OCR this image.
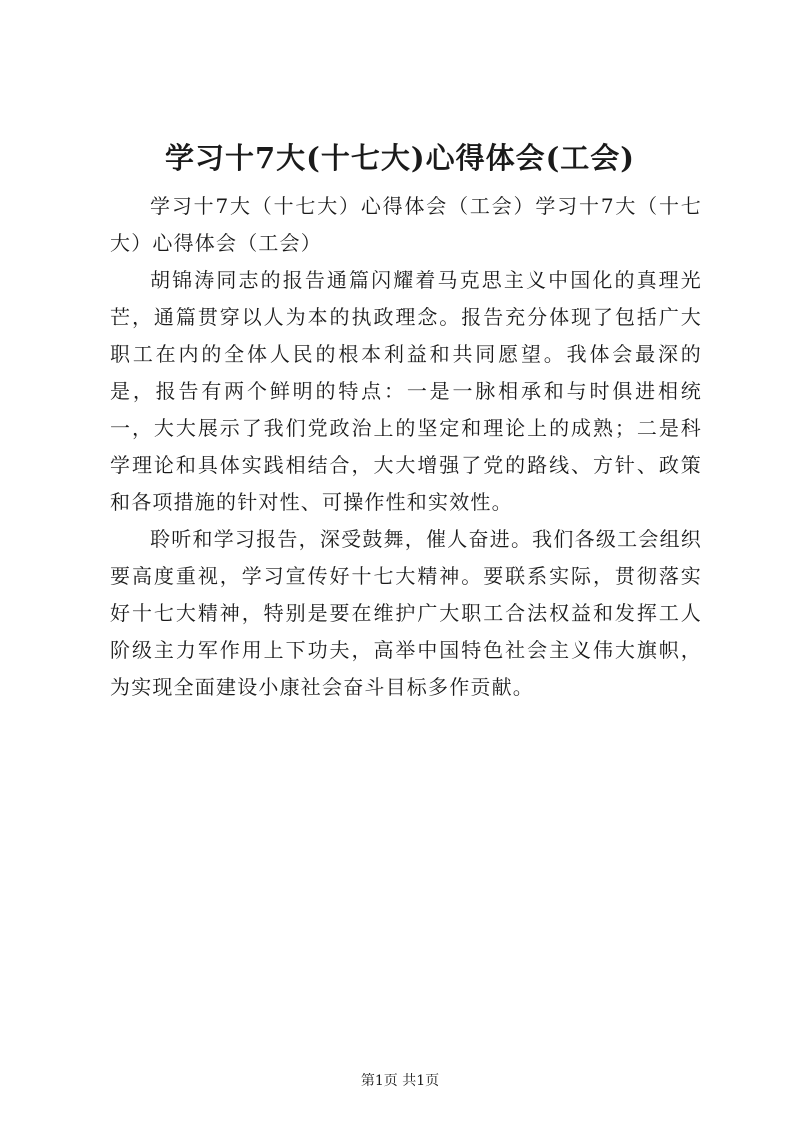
学习十7大(十七大)心得体会(工会)

学习十7大（十七大）心得体会（工会）学习十7大（十七大）心得体会（工会）

胡锦涛同志的报告通篇闪耀着马克思主义中国化的真理光芒，通篇贯穿以人为本的执政理念。报告充分体现了包括广大职工在内的全体人民的根本利益和共同愿望。我体会最深的是，报告有两个鲜明的特点：一是一脉相承和与时俱进相统一，大大展示了我们党政治上的坚定和理论上的成熟；二是科学理论和具体实践相结合，大大增强了党的路线、方针、政策和各项措施的针对性、可操作性和实效性。

聆听和学习报告，深受鼓舞，催人奋进。我们各级工会组织要高度重视，学习宣传好十七大精神。要联系实际，贯彻落实好十七大精神，特别是要在维护广大职工合法权益和发挥工人阶级主力军作用上下功夫，高举中国特色社会主义伟大旗帜，为实现全面建设小康社会奋斗目标多作贡献。

第1页 共1页
